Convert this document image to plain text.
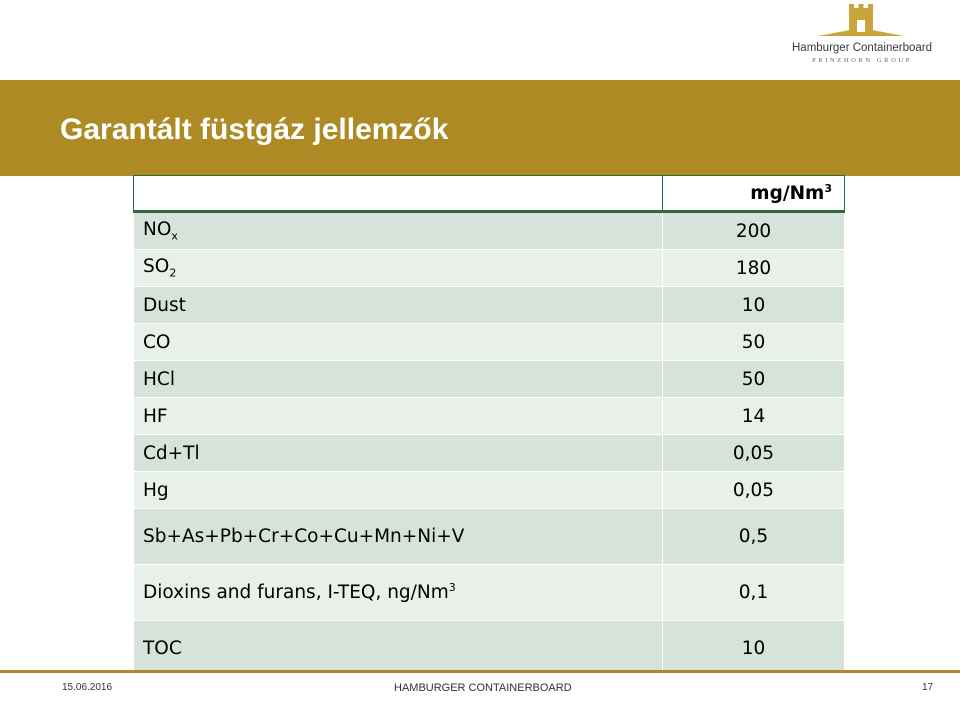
Hamburger Containerboard
PRINZHORN GROUP
Garantált füstgáz jellemzők
	mg/Nm$^3$
$NO_x$	200
$SO_2$	180
Dust	10
CO	50
HCl	50
HF	14
Cd+Tl	0,05
Hg	0,05
Sb+As+Pb+Cr+Co+Cu+Mn+Ni+V	0,5
Dioxins and furans, I-TEQ, ng/Nm$^3$	0,1
TOC	10
15.06.2016	HAMBURGER CONTAINERBOARD	17
